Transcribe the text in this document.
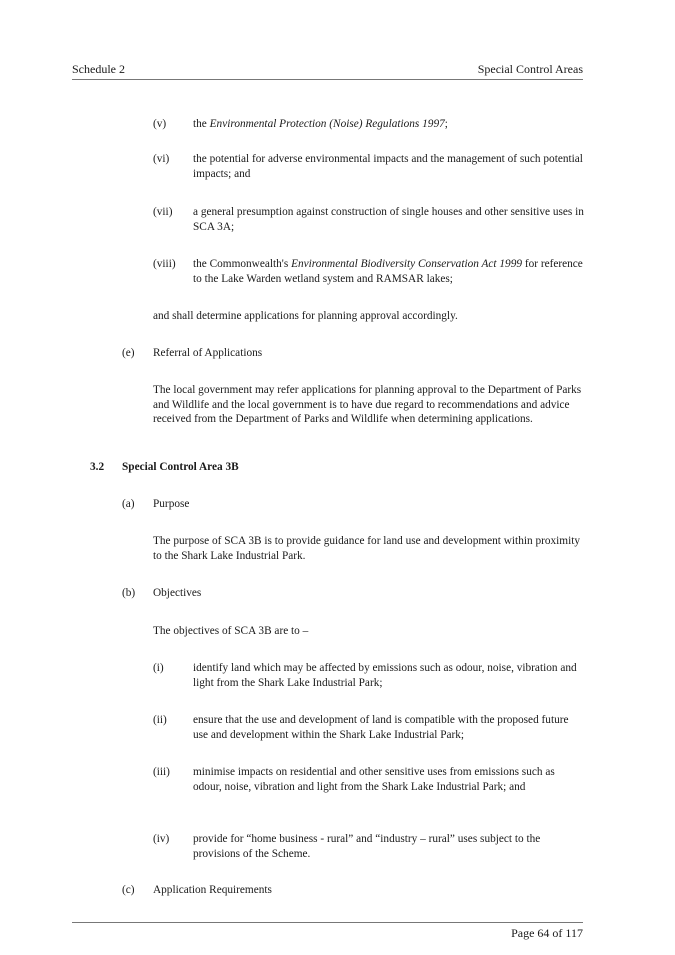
Schedule 2	Special Control Areas
(v) the Environmental Protection (Noise) Regulations 1997;

(vi) the potential for adverse environmental impacts and the management of such potential impacts; and

(vii) a general presumption against construction of single houses and other sensitive uses in SCA 3A;

(viii) the Commonwealth's Environmental Biodiversity Conservation Act 1999 for reference to the Lake Warden wetland system and RAMSAR lakes;

and shall determine applications for planning approval accordingly.

(e) Referral of Applications

The local government may refer applications for planning approval to the Department of Parks and Wildlife and the local government is to have due regard to recommendations and advice received from the Department of Parks and Wildlife when determining applications.

3.2 Special Control Area 3B

(a) Purpose

The purpose of SCA 3B is to provide guidance for land use and development within proximity to the Shark Lake Industrial Park.

(b) Objectives

The objectives of SCA 3B are to –

(i)	identify land which may be affected by emissions such as odour, noise, vibration and light from the Shark Lake Industrial Park;

(ii) ensure that the use and development of land is compatible with the proposed future use and development within the Shark Lake Industrial Park;

(iii) minimise impacts on residential and other sensitive uses from emissions such as odour, noise, vibration and light from the Shark Lake Industrial Park; and

(iv) provide for “home business - rural” and “industry – rural” uses subject to the provisions of the Scheme.

(c) Application Requirements

Page 64 of 117
